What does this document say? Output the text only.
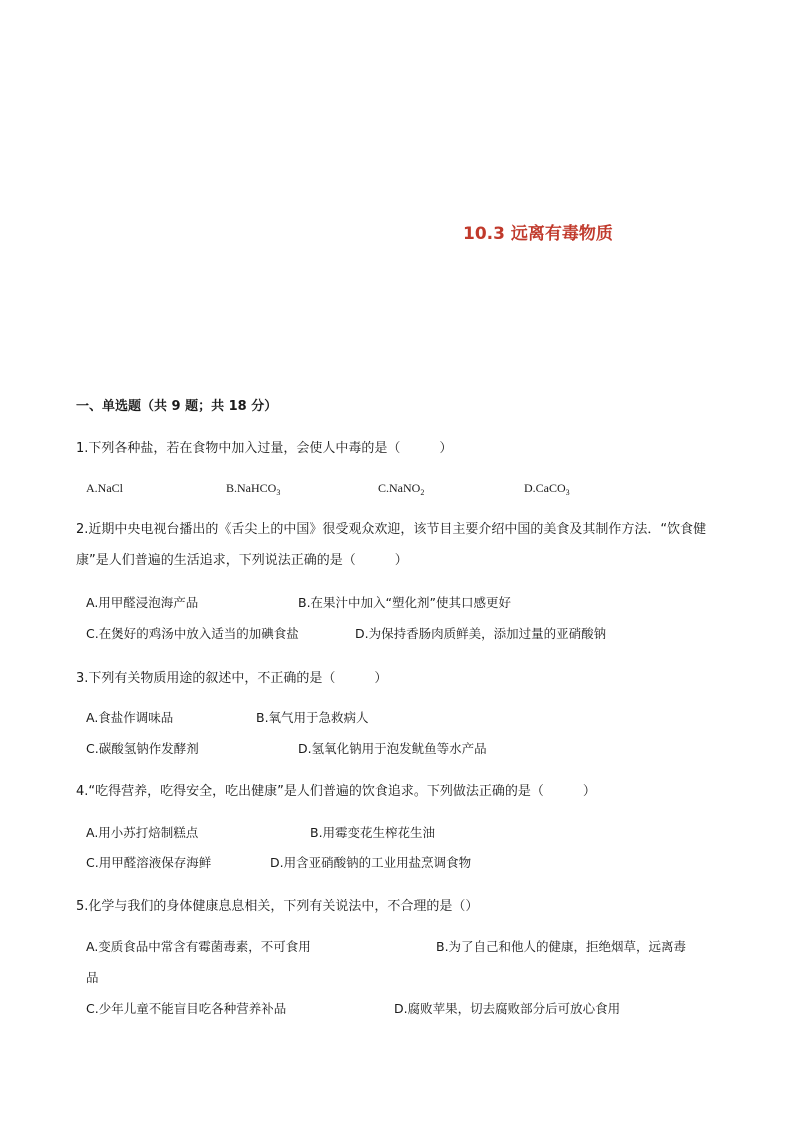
10.3 远离有毒物质
一、单选题（共 9 题；共 18 分）
1.下列各种盐，若在食物中加入过量，会使人中毒的是（　　　）
A.NaCl	B.NaHCO$_3$	C.NaNO$_2$	D.CaCO$_3$
2.近期中央电视台播出的《舌尖上的中国》很受观众欢迎，该节目主要介绍中国的美食及其制作方法．“饮食健康”是人们普遍的生活追求，下列说法正确的是（　　　）
A.用甲醛浸泡海产品	B.在果汁中加入“塑化剂”使其口感更好
C.在煲好的鸡汤中放入适当的加碘食盐	D.为保持香肠肉质鲜美，添加过量的亚硝酸钠
3.下列有关物质用途的叙述中，不正确的是（　　　）
A.食盐作调味品	B.氧气用于急救病人
C.碳酸氢钠作发酵剂	D.氢氧化钠用于泡发鱿鱼等水产品
4.“吃得营养，吃得安全，吃出健康”是人们普遍的饮食追求。下列做法正确的是（　　　）
A.用小苏打焙制糕点	B.用霉变花生榨花生油
C.用甲醛溶液保存海鲜	D.用含亚硝酸钠的工业用盐烹调食物
5.化学与我们的身体健康息息相关，下列有关说法中，不合理的是（）
A.变质食品中常含有霉菌毒素，不可食用	B.为了自己和他人的健康，拒绝烟草，远离毒
品
C.少年儿童不能盲目吃各种营养补品	D.腐败苹果，切去腐败部分后可放心食用
